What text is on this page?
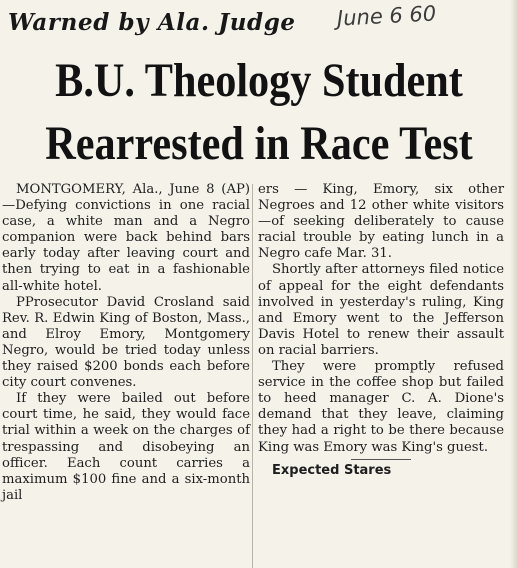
Warned by Ala. Judge June 6 60
B.U. Theology Student
Rearrested in Race Test

MONTGOMERY, Ala., June 8 (AP)—Defying convictions in one racial case, a white man and a Negro companion were back behind bars early today after leaving court and then trying to eat in a fashionable all-white hotel.

PProsecutor David Crosland said Rev. R. Edwin King of Boston, Mass., and Elroy Emory, Montgomery Negro, would be tried today unless they raised $200 bonds each before city court convenes.

If they were bailed out before court time, he said, they would face trial within a week on the charges of trespassing and disobeying an officer. Each count carries a maximum $100 fine and a six-month jail

ers — King, Emory, six other Negroes and 12 other white visitors—of seeking deliberately to cause racial trouble by eating lunch in a Negro cafe Mar. 31.

Shortly after attorneys filed notice of appeal for the eight defendants involved in yesterday's ruling, King and Emory went to the Jefferson Davis Hotel to renew their assault on racial barriers.

They were promptly refused service in the coffee shop but failed to heed manager C. A. Dione's demand that they leave, claiming they had a right to be there because King was Emory was King's guest.

Expected Stares
